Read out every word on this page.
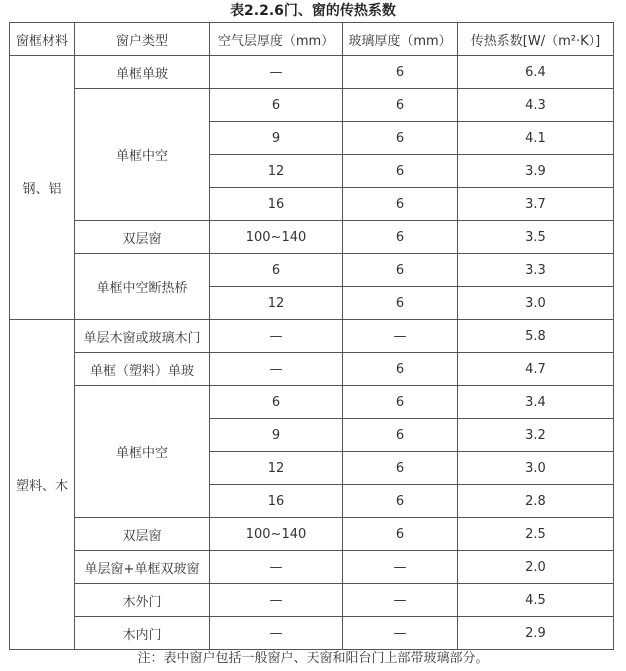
表2.2.6门、窗的传热系数
窗框材料	窗户类型	空气层厚度（mm）	玻璃厚度（mm）	传热系数[W/（m²·K）]
钢、铝	单框单玻	—	6	6.4
	单框中空	6	6	4.3
		9	6	4.1
		12	6	3.9
		16	6	3.7
	双层窗	100~140	6	3.5
	单框中空断热桥	6	6	3.3
		12	6	3.0
塑料、木	单层木窗或玻璃木门	—	—	5.8
	单框（塑料）单玻	—	6	4.7
	单框中空	6	6	3.4
		9	6	3.2
		12	6	3.0
		16	6	2.8
	双层窗	100~140	6	2.5
	单层窗+单框双玻窗	—	—	2.0
	木外门	—	—	4.5
	木内门	—	—	2.9
注：表中窗户包括一般窗户、天窗和阳台门上部带玻璃部分。
